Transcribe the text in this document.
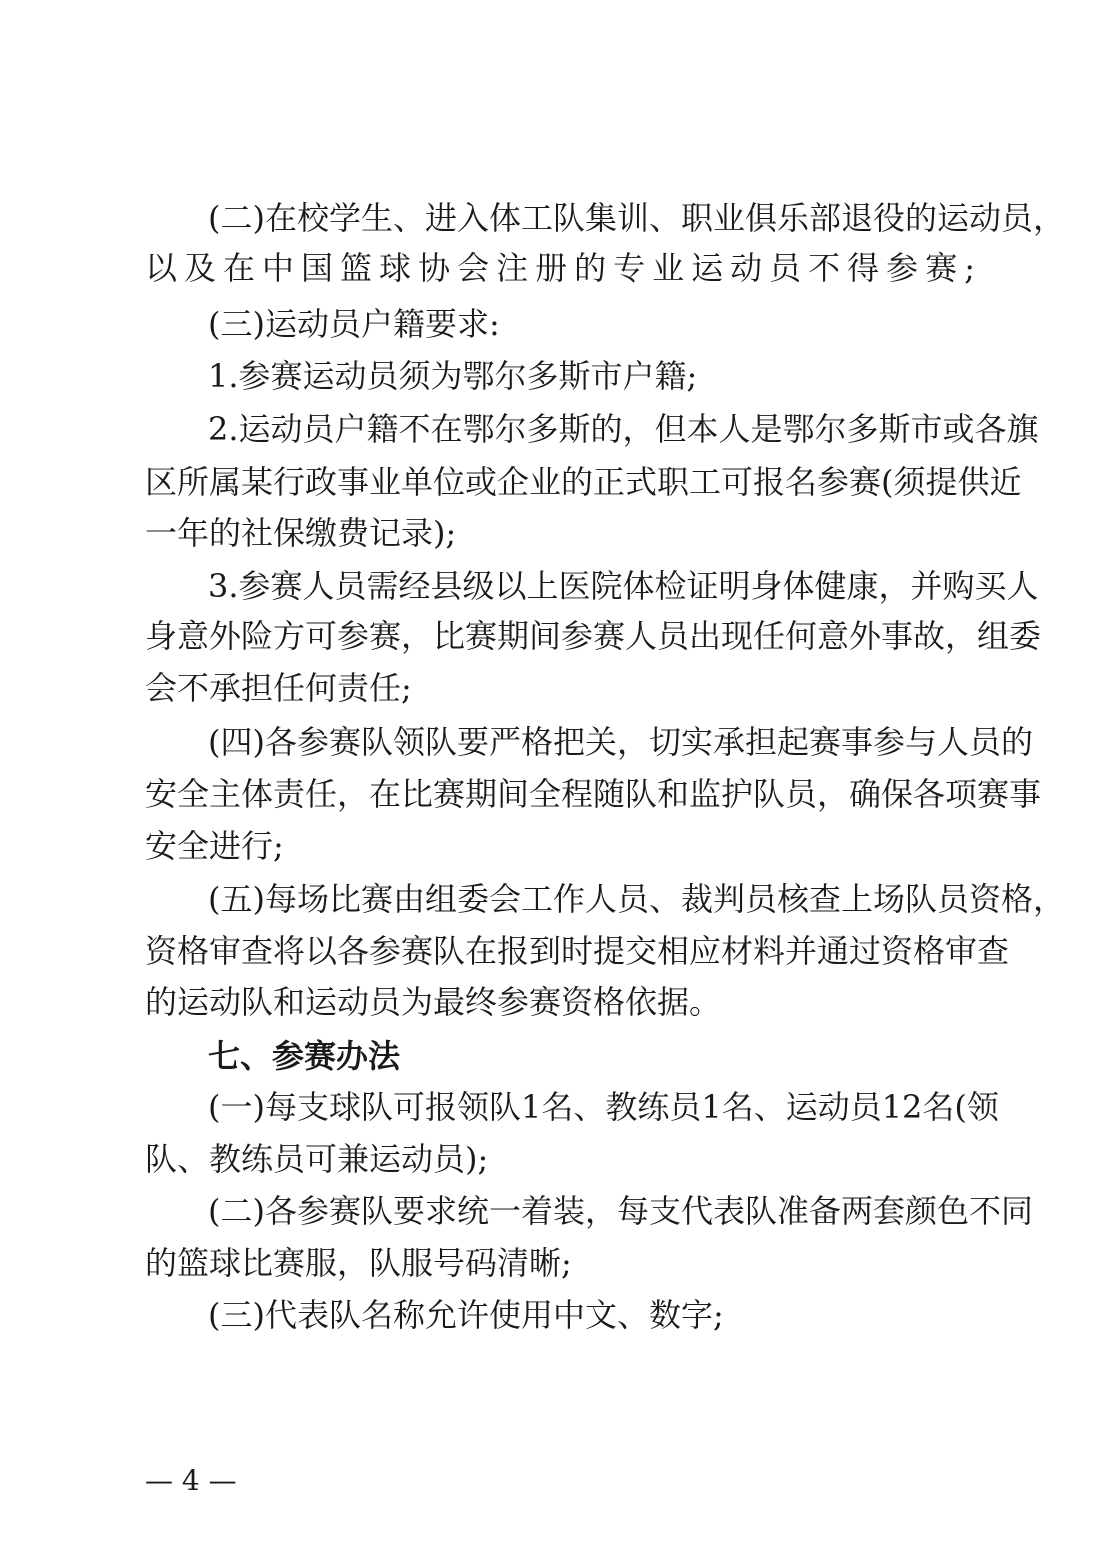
(二)在校学生、进入体工队集训、职业俱乐部退役的运动员，
以及在中国篮球协会注册的专业运动员不得参赛;
(三)运动员户籍要求:
1.参赛运动员须为鄂尔多斯市户籍;
2.运动员户籍不在鄂尔多斯的，但本人是鄂尔多斯市或各旗
区所属某行政事业单位或企业的正式职工可报名参赛(须提供近
一年的社保缴费记录);
3.参赛人员需经县级以上医院体检证明身体健康，并购买人
身意外险方可参赛，比赛期间参赛人员出现任何意外事故，组委
会不承担任何责任;
(四)各参赛队领队要严格把关，切实承担起赛事参与人员的
安全主体责任，在比赛期间全程随队和监护队员，确保各项赛事
安全进行;
(五)每场比赛由组委会工作人员、裁判员核查上场队员资格，
资格审查将以各参赛队在报到时提交相应材料并通过资格审查
的运动队和运动员为最终参赛资格依据。
七、参赛办法
(一)每支球队可报领队1名、教练员1名、运动员12名(领
队、教练员可兼运动员);
(二)各参赛队要求统一着装，每支代表队准备两套颜色不同
的篮球比赛服，队服号码清晰;
(三)代表队名称允许使用中文、数字;
— 4 —
